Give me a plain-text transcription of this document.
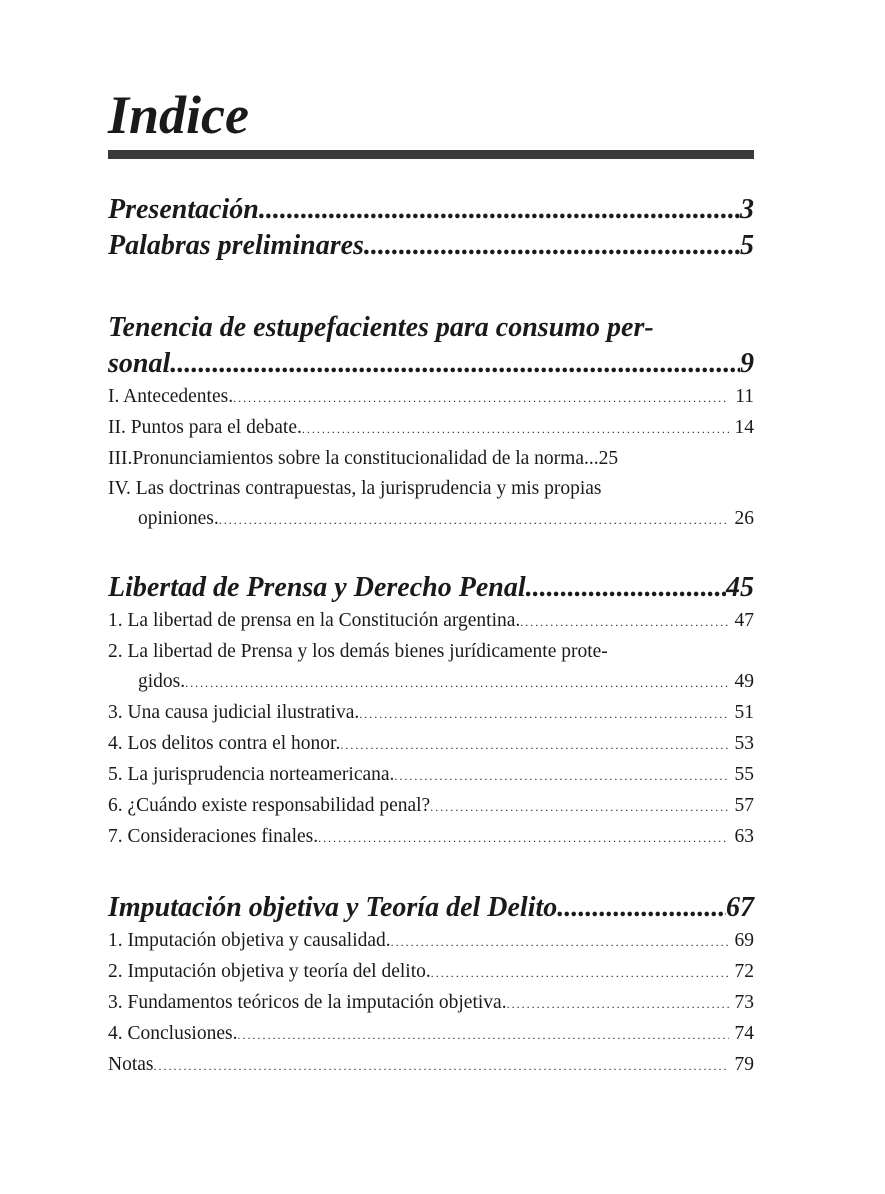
Indice
Presentación .....	3
Palabras preliminares .....	5
Tenencia de estupefacientes para consumo per-
sonal .....	9
I. Antecedentes. .....	11
II. Puntos para el debate. .....	14
III.Pronunciamientos sobre la constitucionalidad de la norma... 25
IV. Las doctrinas contrapuestas, la jurisprudencia y mis propias
opiniones. .....	26
Libertad de Prensa y Derecho Penal .....	45
1. La libertad de prensa en la Constitución argentina. .....	47
2. La libertad de Prensa y los demás bienes jurídicamente prote-
gidos. .....	49
3. Una causa judicial ilustrativa. .....	51
4. Los delitos contra el honor. .....	53
5. La jurisprudencia norteamericana. .....	55
6. ¿Cuándo existe responsabilidad penal? .....	57
7. Consideraciones finales. .....	63
Imputación objetiva y Teoría del Delito .....	67
1. Imputación objetiva y causalidad. .....	69
2. Imputación objetiva y teoría del delito. .....	72
3. Fundamentos teóricos de la imputación objetiva. .....	73
4. Conclusiones. .....	74
Notas .....	79
